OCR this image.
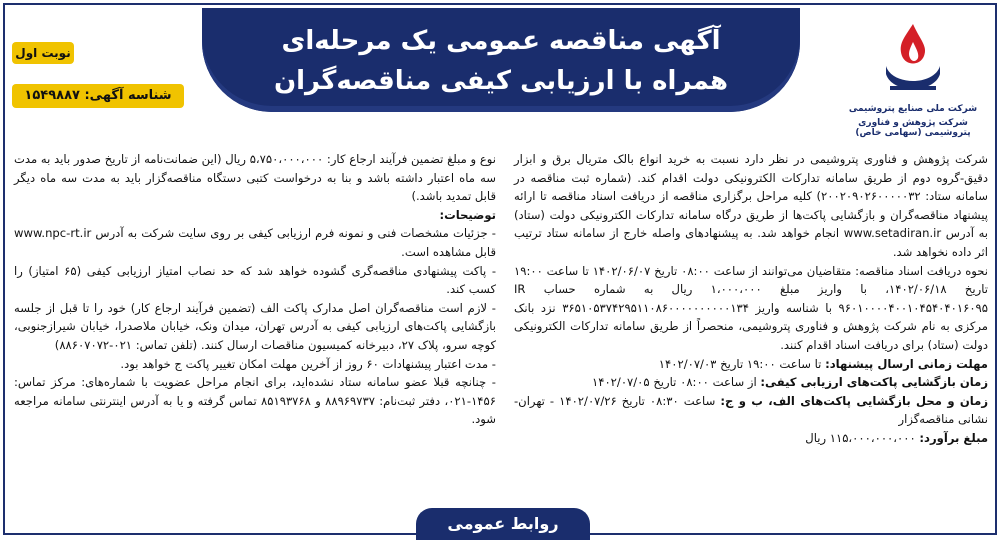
آگهی مناقصه عمومی یک مرحله‌ای
همراه با ارزیابی کیفی مناقصه‌گران
شرکت ملی صنایع پتروشیمی
شرکت پژوهش و فناوری پتروشیمی (سهامی خاص)
نوبت اول
شناسه آگهی: ۱۵۴۹۸۸۷

شرکت پژوهش و فناوری پتروشیمی در نظر دارد نسبت به خرید انواع بالک متریال برق و ابزار دقیق-گروه دوم از طریق سامانه تدارکات الکترونیکی دولت اقدام کند. (شماره ثبت مناقصه در سامانه ستاد: ۲۰۰۲۰۹۰۲۶۰۰۰۰۰۳۲) کلیه مراحل برگزاری مناقصه از دریافت اسناد مناقصه تا ارائه پیشنهاد مناقصه‌گران و بازگشایی پاکت‌ها از طریق درگاه سامانه تدارکات الکترونیکی دولت (ستاد) به آدرس www.setadiran.ir انجام خواهد شد. به پیشنهادهای واصله خارج از سامانه ستاد ترتیب اثر داده نخواهد شد.

نحوه دریافت اسناد مناقصه: متقاضیان می‌توانند از ساعت ۰۸:۰۰ تاریخ ۱۴۰۲/۰۶/۰۷ تا ساعت ۱۹:۰۰ تاریخ ۱۴۰۲/۰۶/۱۸، با واریز مبلغ ۱،۰۰۰،۰۰۰ ریال به شماره حساب IR ۹۶۰۱۰۰۰۰۴۰۰۱۰۴۵۴۰۴۰۱۶۰۹۵ با شناسه واریز ۳۶۵۱۰۵۳۷۴۲۹۵۱۱۰۸۶۰۰۰۰۰۰۰۰۰۰۱۳۴ نزد بانک مرکزی به نام شرکت پژوهش و فناوری پتروشیمی، منحصراً از طریق سامانه تدارکات الکترونیکی دولت (ستاد) برای دریافت اسناد اقدام کنند.

مهلت زمانی ارسال پیشنهاد: تا ساعت ۱۹:۰۰ تاریخ ۱۴۰۲/۰۷/۰۳

زمان بازگشایی پاکت‌های ارزیابی کیفی: از ساعت ۰۸:۰۰ تاریخ ۱۴۰۲/۰۷/۰۵

زمان و محل بازگشایی پاکت‌های الف، ب و ج: ساعت ۰۸:۳۰ تاریخ ۱۴۰۲/۰۷/۲۶ - تهران- نشانی مناقصه‌گزار

مبلغ برآورد: ۱۱۵،۰۰۰،۰۰۰،۰۰۰ ریال

نوع و مبلغ تضمین فرآیند ارجاع کار: ۵،۷۵۰،۰۰۰،۰۰۰ ریال (این ضمانت‌نامه از تاریخ صدور باید به مدت سه ماه اعتبار داشته باشد و بنا به درخواست کتبی دستگاه مناقصه‌گزار باید به مدت سه ماه دیگر قابل تمدید باشد.)

توضیحات:

- جزئیات مشخصات فنی و نمونه فرم ارزیابی کیفی بر روی سایت شرکت به آدرس www.npc-rt.ir قابل مشاهده است.

- پاکت پیشنهادی مناقصه‌گری گشوده خواهد شد که حد نصاب امتیاز ارزیابی کیفی (۶۵ امتیاز) را کسب کند.

- لازم است مناقصه‌گران اصل مدارک پاکت الف (تضمین فرآیند ارجاع کار) خود را تا قبل از جلسه بازگشایی پاکت‌های ارزیابی کیفی به آدرس تهران، میدان ونک، خیابان ملاصدرا، خیابان شیرازجنوبی، کوچه سرو، پلاک ۲۷، دبیرخانه کمیسیون مناقصات ارسال کنند. (تلفن تماس: ۰۲۱-۸۸۶۰۷۰۷۲)

- مدت اعتبار پیشنهادات ۶۰ روز از آخرین مهلت امکان تغییر پاکت ج خواهد بود.

- چنانچه قبلا عضو سامانه ستاد نشده‌اید، برای انجام مراحل عضویت با شماره‌های: مرکز تماس: ۱۴۵۶-۰۲۱، دفتر ثبت‌نام: ۸۸۹۶۹۷۳۷ و ۸۵۱۹۳۷۶۸ تماس گرفته و یا به آدرس اینترنتی سامانه مراجعه شود.

روابط عمومی
